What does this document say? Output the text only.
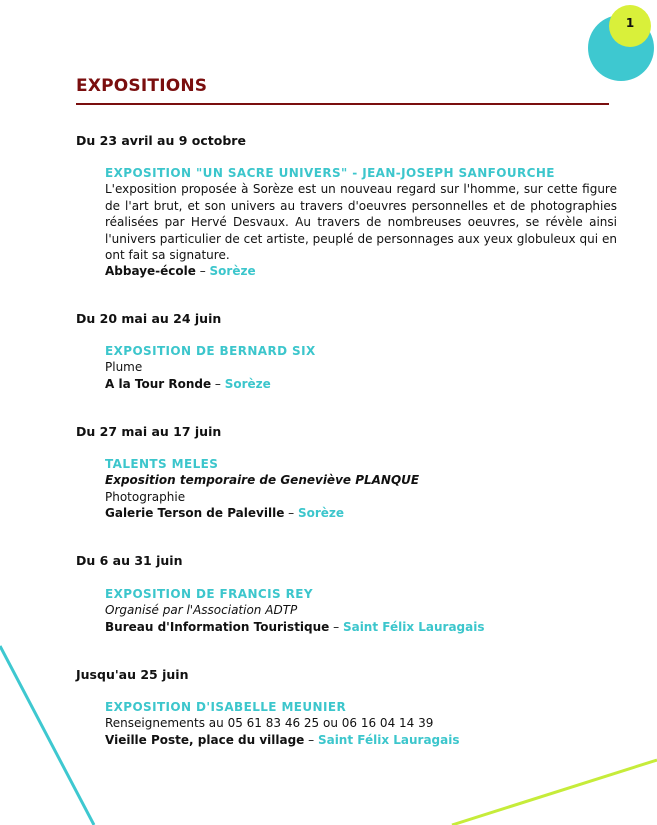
1
EXPOSITIONS
Du 23 avril au 9 octobre
EXPOSITION "UN SACRE UNIVERS" - JEAN-JOSEPH SANFOURCHE
L'exposition proposée à Sorèze est un nouveau regard sur l'homme, sur cette figure de l'art brut, et son univers au travers d'oeuvres personnelles et de photographies réalisées par Hervé Desvaux. Au travers de nombreuses oeuvres, se révèle ainsi l'univers particulier de cet artiste, peuplé de personnages aux yeux globuleux qui en ont fait sa signature.
Abbaye-école – Sorèze
Du 20 mai au 24 juin
EXPOSITION DE BERNARD SIX
Plume
A la Tour Ronde – Sorèze
Du 27 mai au 17 juin
TALENTS MELES
Exposition temporaire de Geneviève PLANQUE
Photographie
Galerie Terson de Paleville – Sorèze
Du 6 au 31 juin
EXPOSITION DE FRANCIS REY
Organisé par l'Association ADTP
Bureau d'Information Touristique – Saint Félix Lauragais
Jusqu'au 25 juin
EXPOSITION D'ISABELLE MEUNIER
Renseignements au 05 61 83 46 25 ou 06 16 04 14 39
Vieille Poste, place du village – Saint Félix Lauragais
